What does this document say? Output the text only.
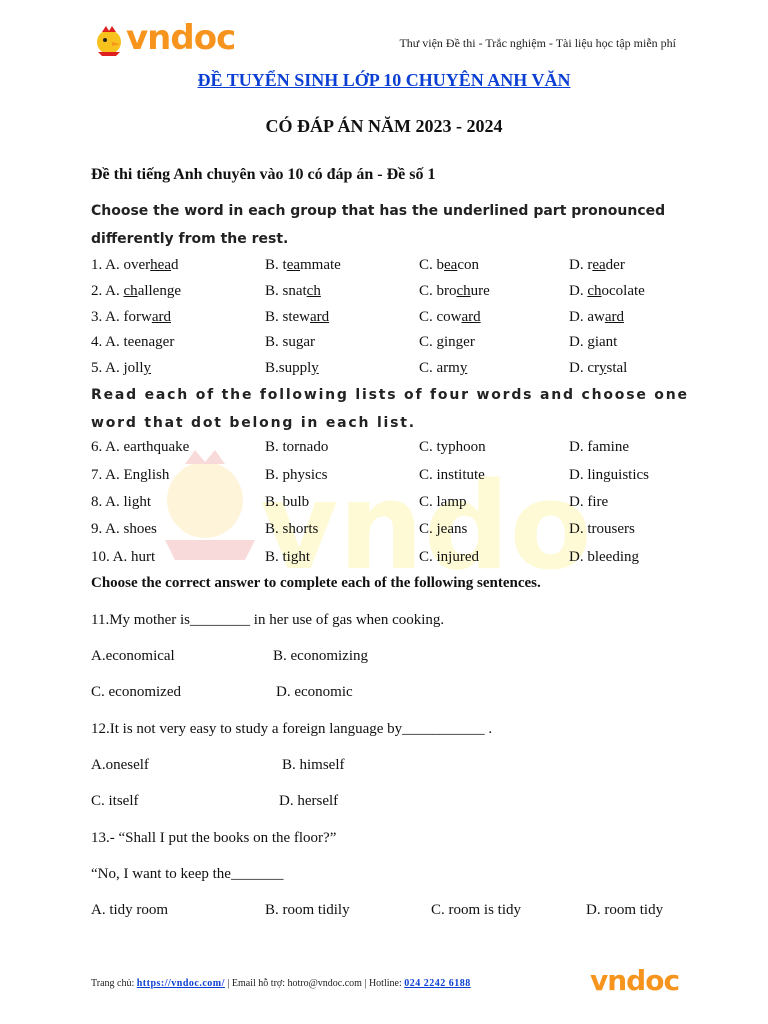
vndoc	Thư viện Đề thi - Trắc nghiệm - Tài liệu học tập miễn phí
ĐỀ TUYỂN SINH LỚP 10 CHUYÊN ANH VĂN
CÓ ĐÁP ÁN NĂM 2023 - 2024
Đề thi tiếng Anh chuyên vào 10 có đáp án - Đề số 1
vndo
Choose the word in each group that has the underlined part pronounced differently from the rest.
1. A. overhead	B. teammate	C. beacon	D. reader
2. A. challenge	B. snatch	C. brochure	D. chocolate
3. A. forward	B. steward	C. coward	D. award
4. A. teenager	B. sugar	C. ginger	D. giant
5. A. jolly	B.supply	C. army	D. crystal
Read each of the following lists of four words and choose one word that dot belong in each list.
6. A. earthquake	B. tornado	C. typhoon	D. famine
7. A. English	B. physics	C. institute	D. linguistics
8. A. light	B. bulb	C. lamp	D. fire
9. A. shoes	B. shorts	C. jeans	D. trousers
10. A. hurt	B. tight	C. injured	D. bleeding
Choose the correct answer to complete each of the following sentences.
11.My mother is________ in her use of gas when cooking.
A.economical	B. economizing
C. economized	D. economic
12.It is not very easy to study a foreign language by___________ .
A.oneself	B. himself
C. itself	D. herself
13.- “Shall I put the books on the floor?”
“No, I want to keep the_______
A. tidy room	B. room tidily	C. room is tidy	D. room tidy
Trang chủ: https://vndoc.com/ | Email hỗ trợ: hotro@vndoc.com | Hotline: 024 2242 6188	vndoc
